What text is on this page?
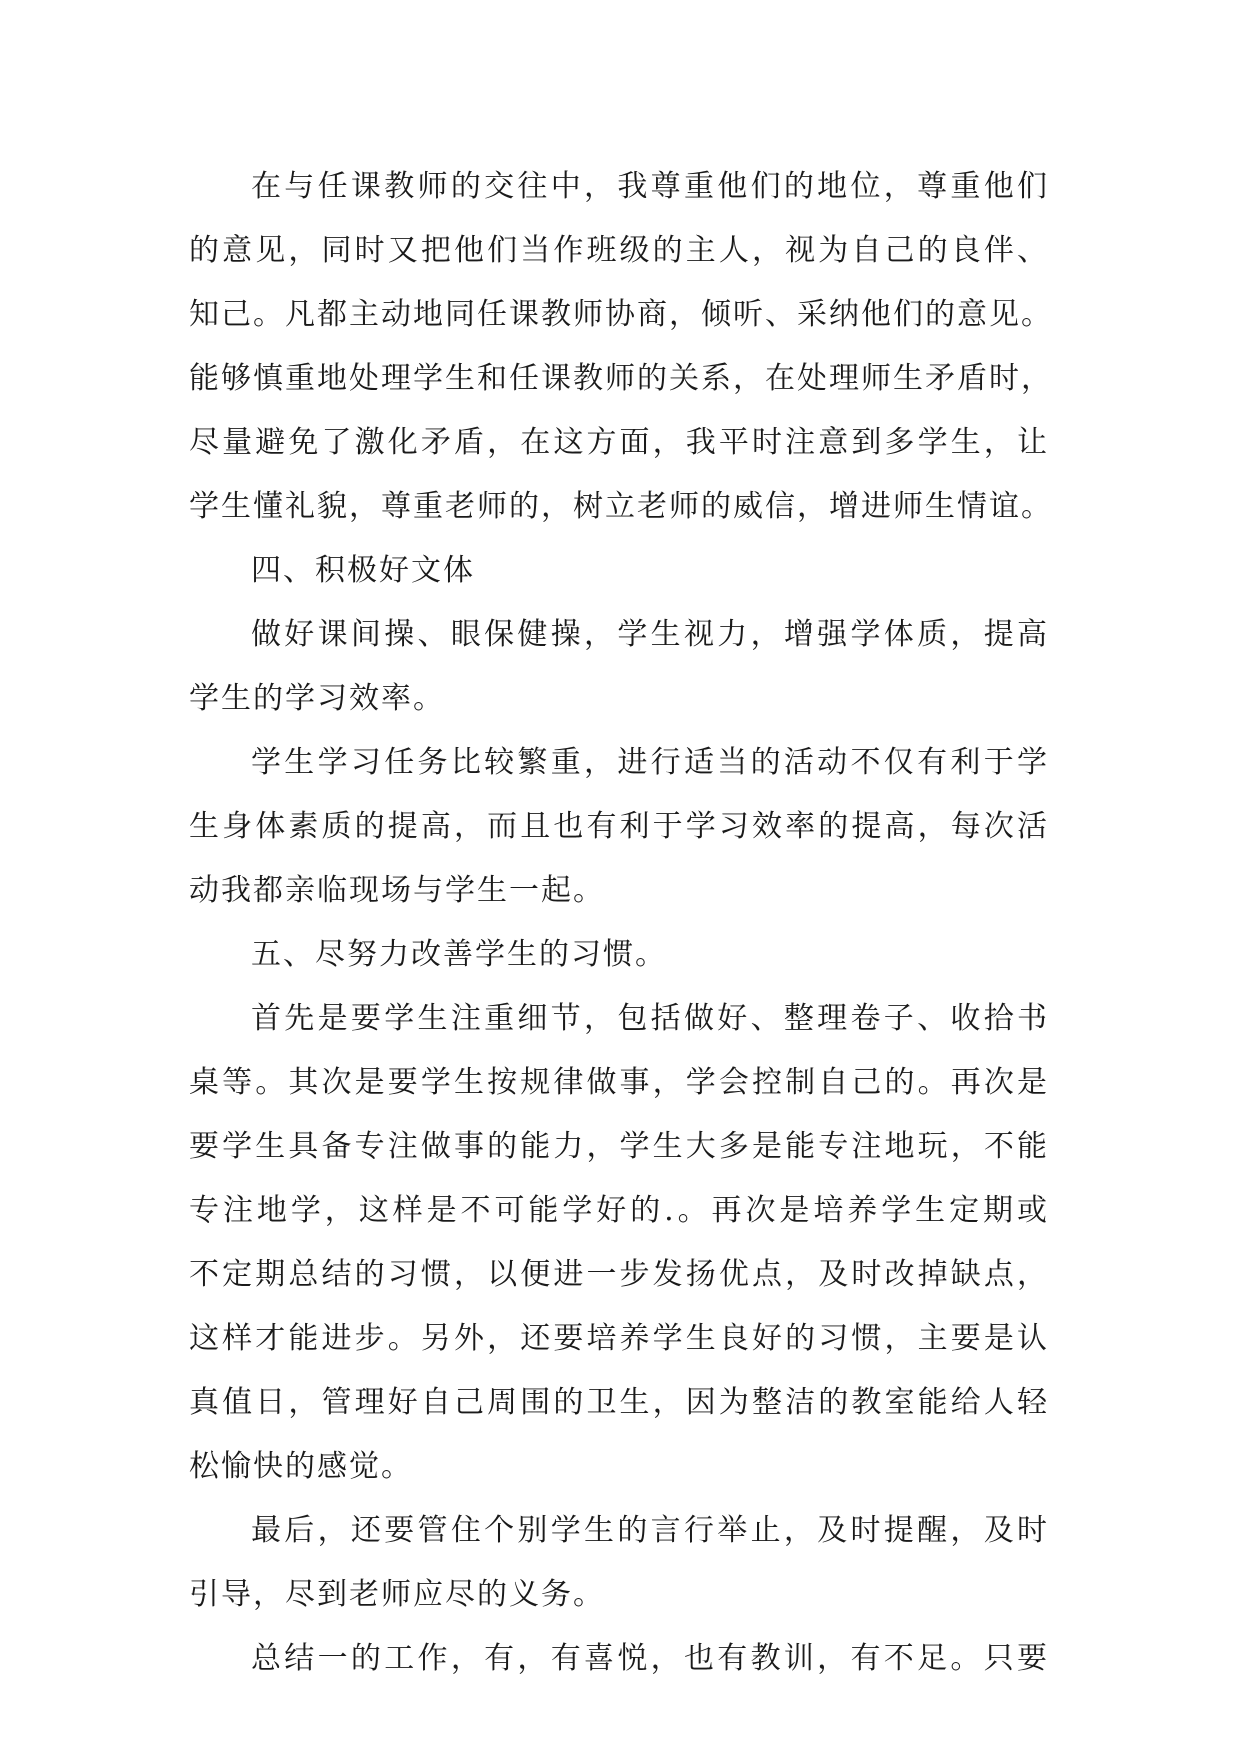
在与任课教师的交往中，我尊重他们的地位，尊重他们
的意见，同时又把他们当作班级的主人，视为自己的良伴、
知己。凡都主动地同任课教师协商，倾听、采纳他们的意见。
能够慎重地处理学生和任课教师的关系，在处理师生矛盾时，
尽量避免了激化矛盾，在这方面，我平时注意到多学生，让
学生懂礼貌，尊重老师的，树立老师的威信，增进师生情谊。
四、积极好文体
做好课间操、眼保健操，学生视力，增强学体质，提高
学生的学习效率。
学生学习任务比较繁重，进行适当的活动不仅有利于学
生身体素质的提高，而且也有利于学习效率的提高，每次活
动我都亲临现场与学生一起。
五、尽努力改善学生的习惯。
首先是要学生注重细节，包括做好、整理卷子、收拾书
桌等。其次是要学生按规律做事，学会控制自己的。再次是
要学生具备专注做事的能力，学生大多是能专注地玩，不能
专注地学，这样是不可能学好的.。再次是培养学生定期或
不定期总结的习惯，以便进一步发扬优点，及时改掉缺点，
这样才能进步。另外，还要培养学生良好的习惯，主要是认
真值日，管理好自己周围的卫生，因为整洁的教室能给人轻
松愉快的感觉。
最后，还要管住个别学生的言行举止，及时提醒，及时
引导，尽到老师应尽的义务。
总结一的工作，有，有喜悦，也有教训，有不足。只要
